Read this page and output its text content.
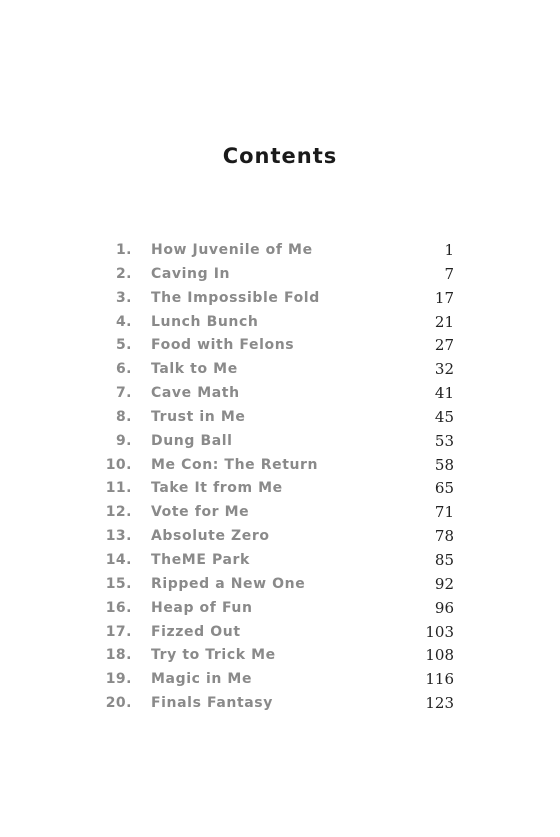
Contents
1. How Juvenile of Me	1
2. Caving In	7
3. The Impossible Fold	17
4. Lunch Bunch	21
5. Food with Felons	27
6. Talk to Me	32
7. Cave Math	41
8. Trust in Me	45
9. Dung Ball	53
10. Me Con: The Return	58
11. Take It from Me	65
12. Vote for Me	71
13. Absolute Zero	78
14. TheME Park	85
15. Ripped a New One	92
16. Heap of Fun	96
17. Fizzed Out	103
18. Try to Trick Me	108
19. Magic in Me	116
20. Finals Fantasy	123
